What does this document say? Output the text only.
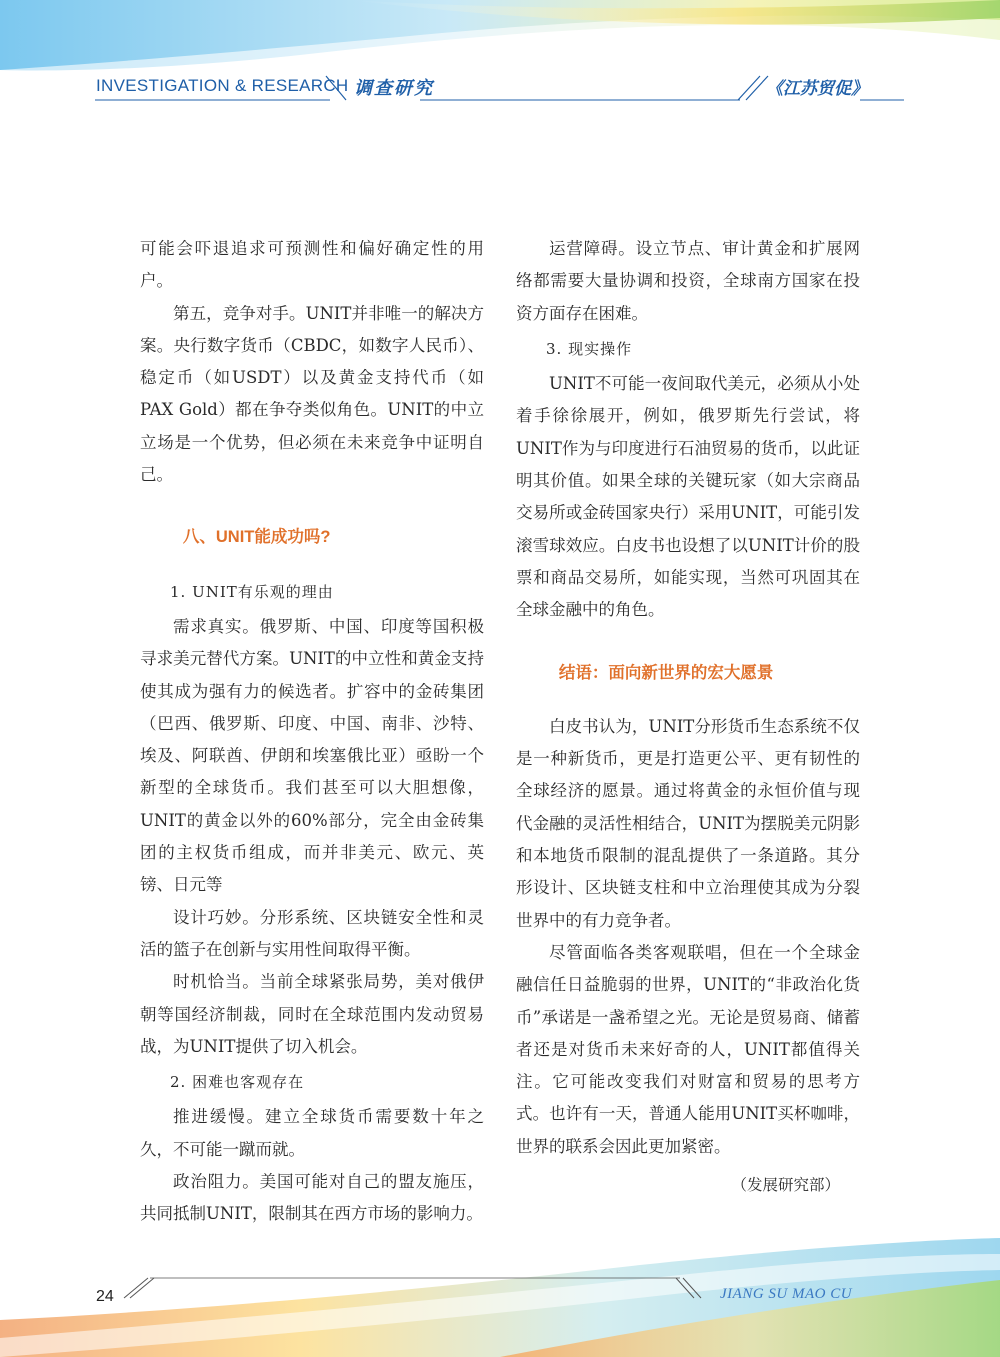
INVESTIGATION & RESEARCH 调查研究	《江苏贸促》

可能会吓退追求可预测性和偏好确定性的用户。

第五，竞争对手。UNIT并非唯一的解决方案。央行数字货币（CBDC，如数字人民币）、稳定币（如USDT）以及黄金支持代币（如PAX Gold）都在争夺类似角色。UNIT的中立立场是一个优势，但必须在未来竞争中证明自己。

八、UNIT能成功吗?

1. UNIT有乐观的理由

需求真实。俄罗斯、中国、印度等国积极寻求美元替代方案。UNIT的中立性和黄金支持使其成为强有力的候选者。扩容中的金砖集团（巴西、俄罗斯、印度、中国、南非、沙特、埃及、阿联酋、伊朗和埃塞俄比亚）亟盼一个新型的全球货币。我们甚至可以大胆想像，UNIT的黄金以外的60%部分，完全由金砖集团的主权货币组成，而并非美元、欧元、英镑、日元等

设计巧妙。分形系统、区块链安全性和灵活的篮子在创新与实用性间取得平衡。

时机恰当。当前全球紧张局势，美对俄伊朝等国经济制裁，同时在全球范围内发动贸易战，为UNIT提供了切入机会。

2. 困难也客观存在

推进缓慢。建立全球货币需要数十年之久，不可能一蹴而就。

政治阻力。美国可能对自己的盟友施压，共同抵制UNIT，限制其在西方市场的影响力。

运营障碍。设立节点、审计黄金和扩展网络都需要大量协调和投资，全球南方国家在投资方面存在困难。

3. 现实操作

UNIT不可能一夜间取代美元，必须从小处着手徐徐展开，例如，俄罗斯先行尝试，将UNIT作为与印度进行石油贸易的货币，以此证明其价值。如果全球的关键玩家（如大宗商品交易所或金砖国家央行）采用UNIT，可能引发滚雪球效应。白皮书也设想了以UNIT计价的股票和商品交易所，如能实现，当然可巩固其在全球金融中的角色。

结语：面向新世界的宏大愿景

白皮书认为，UNIT分形货币生态系统不仅是一种新货币，更是打造更公平、更有韧性的全球经济的愿景。通过将黄金的永恒价值与现代金融的灵活性相结合，UNIT为摆脱美元阴影和本地货币限制的混乱提供了一条道路。其分形设计、区块链支柱和中立治理使其成为分裂世界中的有力竞争者。

尽管面临各类客观联唱，但在一个全球金融信任日益脆弱的世界，UNIT的“非政治化货币”承诺是一盏希望之光。无论是贸易商、储蓄者还是对货币未来好奇的人，UNIT都值得关注。它可能改变我们对财富和贸易的思考方式。也许有一天，普通人能用UNIT买杯咖啡，世界的联系会因此更加紧密。

（发展研究部）

24	JIANG SU MAO CU
